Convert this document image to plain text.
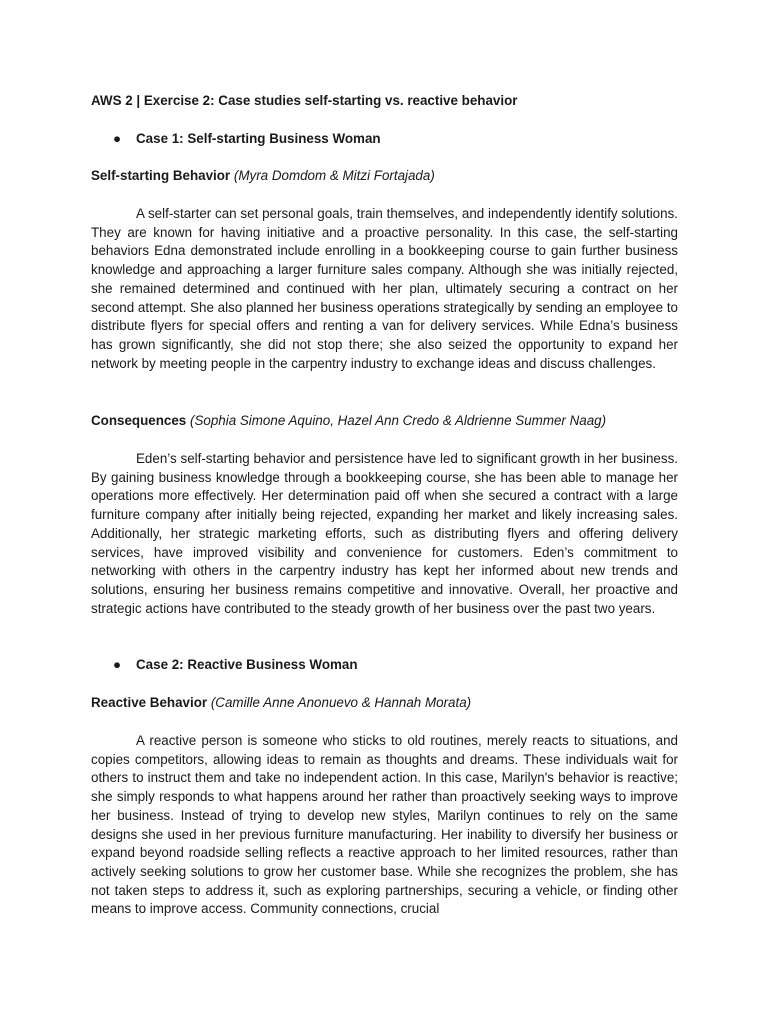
AWS 2 | Exercise 2: Case studies self-starting vs. reactive behavior
● Case 1: Self-starting Business Woman
Self-starting Behavior (Myra Domdom & Mitzi Fortajada)

A self-starter can set personal goals, train themselves, and independently identify solutions. They are known for having initiative and a proactive personality. In this case, the self-starting behaviors Edna demonstrated include enrolling in a bookkeeping course to gain further business knowledge and approaching a larger furniture sales company. Although she was initially rejected, she remained determined and continued with her plan, ultimately securing a contract on her second attempt. She also planned her business operations strategically by sending an employee to distribute flyers for special offers and renting a van for delivery services. While Edna’s business has grown significantly, she did not stop there; she also seized the opportunity to expand her network by meeting people in the carpentry industry to exchange ideas and discuss challenges.

Consequences (Sophia Simone Aquino, Hazel Ann Credo & Aldrienne Summer Naag)

Eden’s self-starting behavior and persistence have led to significant growth in her business. By gaining business knowledge through a bookkeeping course, she has been able to manage her operations more effectively. Her determination paid off when she secured a contract with a large furniture company after initially being rejected, expanding her market and likely increasing sales. Additionally, her strategic marketing efforts, such as distributing flyers and offering delivery services, have improved visibility and convenience for customers. Eden’s commitment to networking with others in the carpentry industry has kept her informed about new trends and solutions, ensuring her business remains competitive and innovative. Overall, her proactive and strategic actions have contributed to the steady growth of her business over the past two years.

● Case 2: Reactive Business Woman
Reactive Behavior (Camille Anne Anonuevo & Hannah Morata)

A reactive person is someone who sticks to old routines, merely reacts to situations, and copies competitors, allowing ideas to remain as thoughts and dreams. These individuals wait for others to instruct them and take no independent action. In this case, Marilyn's behavior is reactive; she simply responds to what happens around her rather than proactively seeking ways to improve her business. Instead of trying to develop new styles, Marilyn continues to rely on the same designs she used in her previous furniture manufacturing. Her inability to diversify her business or expand beyond roadside selling reflects a reactive approach to her limited resources, rather than actively seeking solutions to grow her customer base. While she recognizes the problem, she has not taken steps to address it, such as exploring partnerships, securing a vehicle, or finding other means to improve access. Community connections, crucial
